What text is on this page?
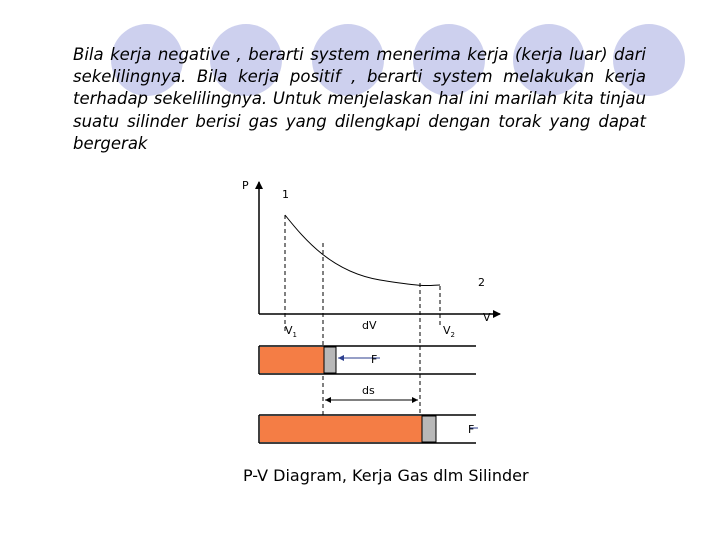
Bila kerja negative , berarti system menerima kerja (kerja luar) dari sekelilingnya. Bila kerja positif , berarti system melakukan kerja terhadap sekelilingnya. Untuk menjelaskan hal ini marilah kita tinjau suatu silinder berisi gas yang dilengkapi dengan torak yang dapat bergerak

P
V
1
2
$V_1$
dV	$V_2$
F
ds
F
P-V Diagram, Kerja Gas dlm Silinder
